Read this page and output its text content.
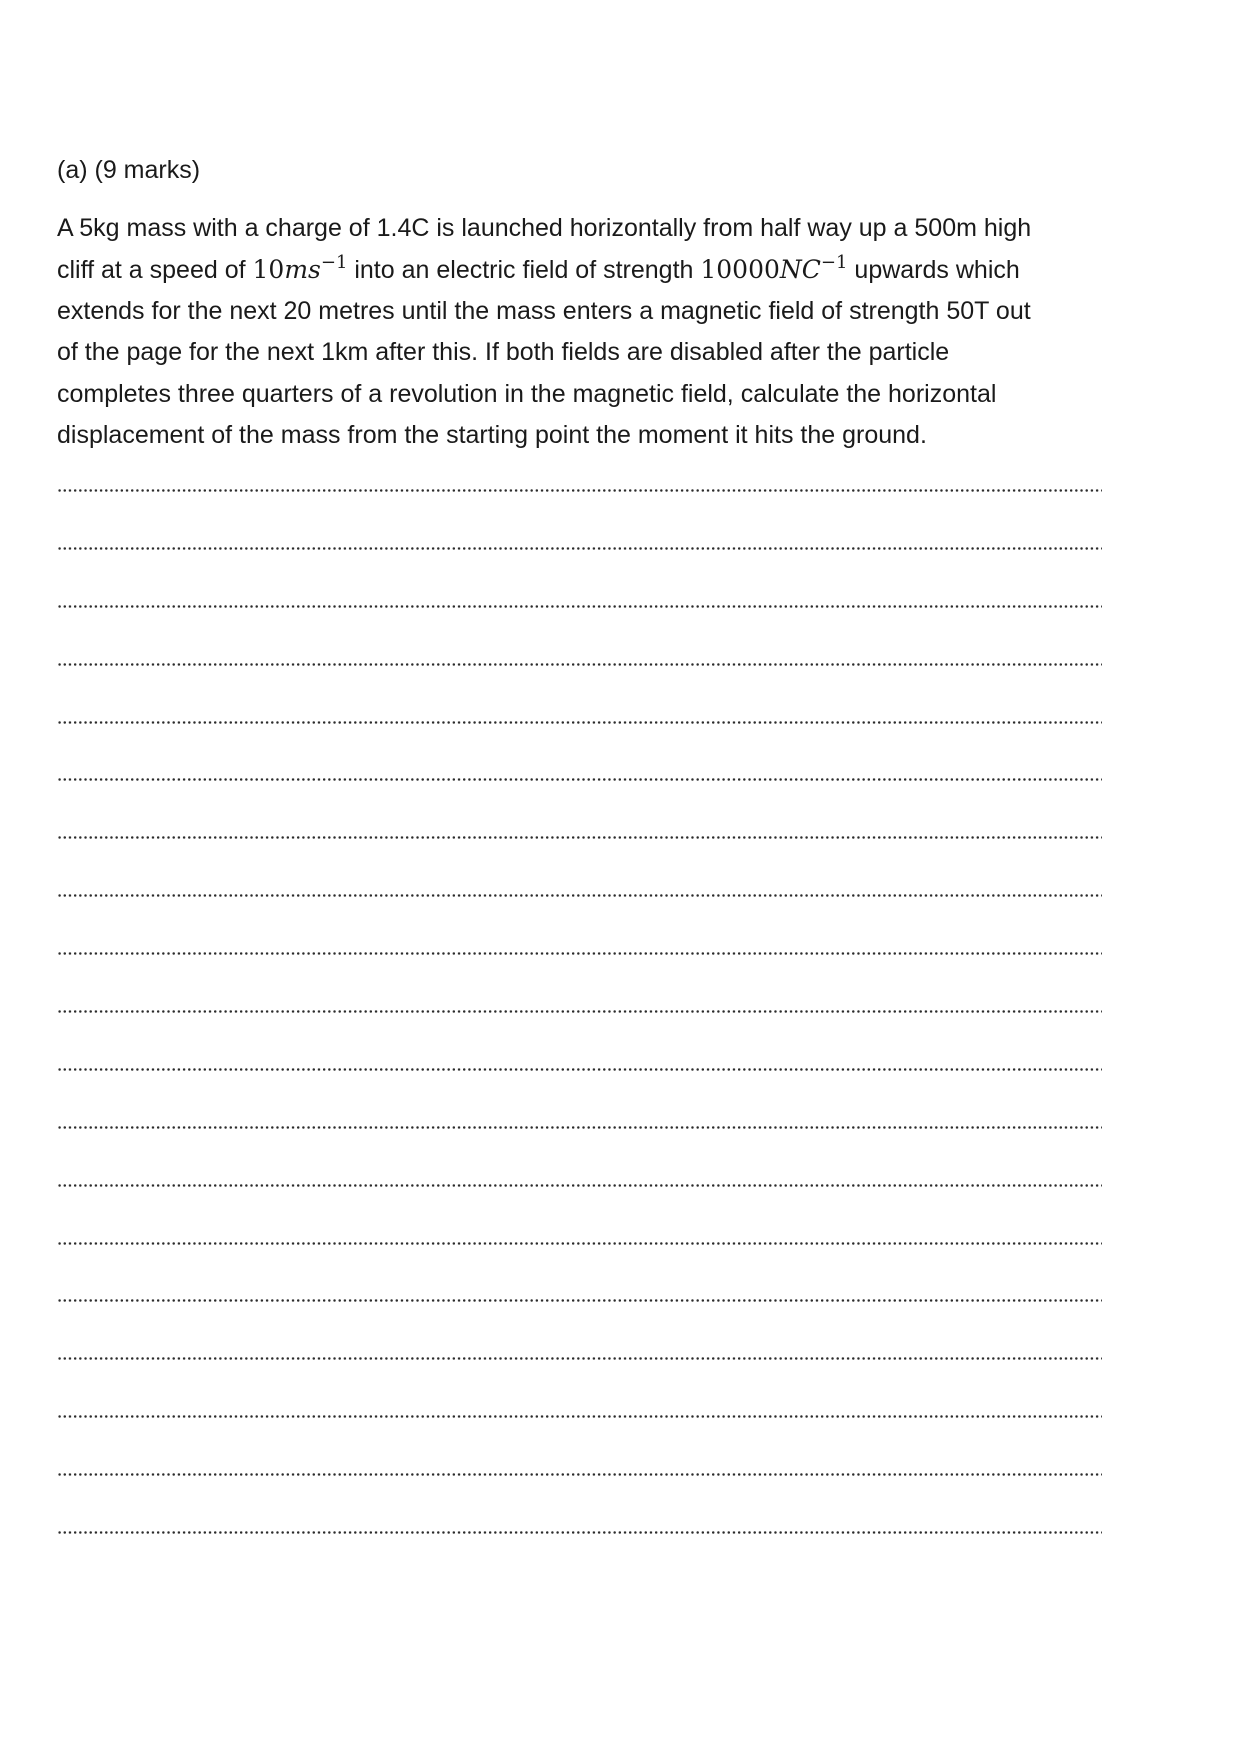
(a) (9 marks)
A 5kg mass with a charge of 1.4C is launched horizontally from half way up a 500m high
cliff at a speed of $10ms^{-1}$ into an electric field of strength $10000NC^{-1}$ upwards which
extends for the next 20 metres until the mass enters a magnetic field of strength 50T out
of the page for the next 1km after this. If both fields are disabled after the particle
completes three quarters of a revolution in the magnetic field, calculate the horizontal
displacement of the mass from the starting point the moment it hits the ground.
